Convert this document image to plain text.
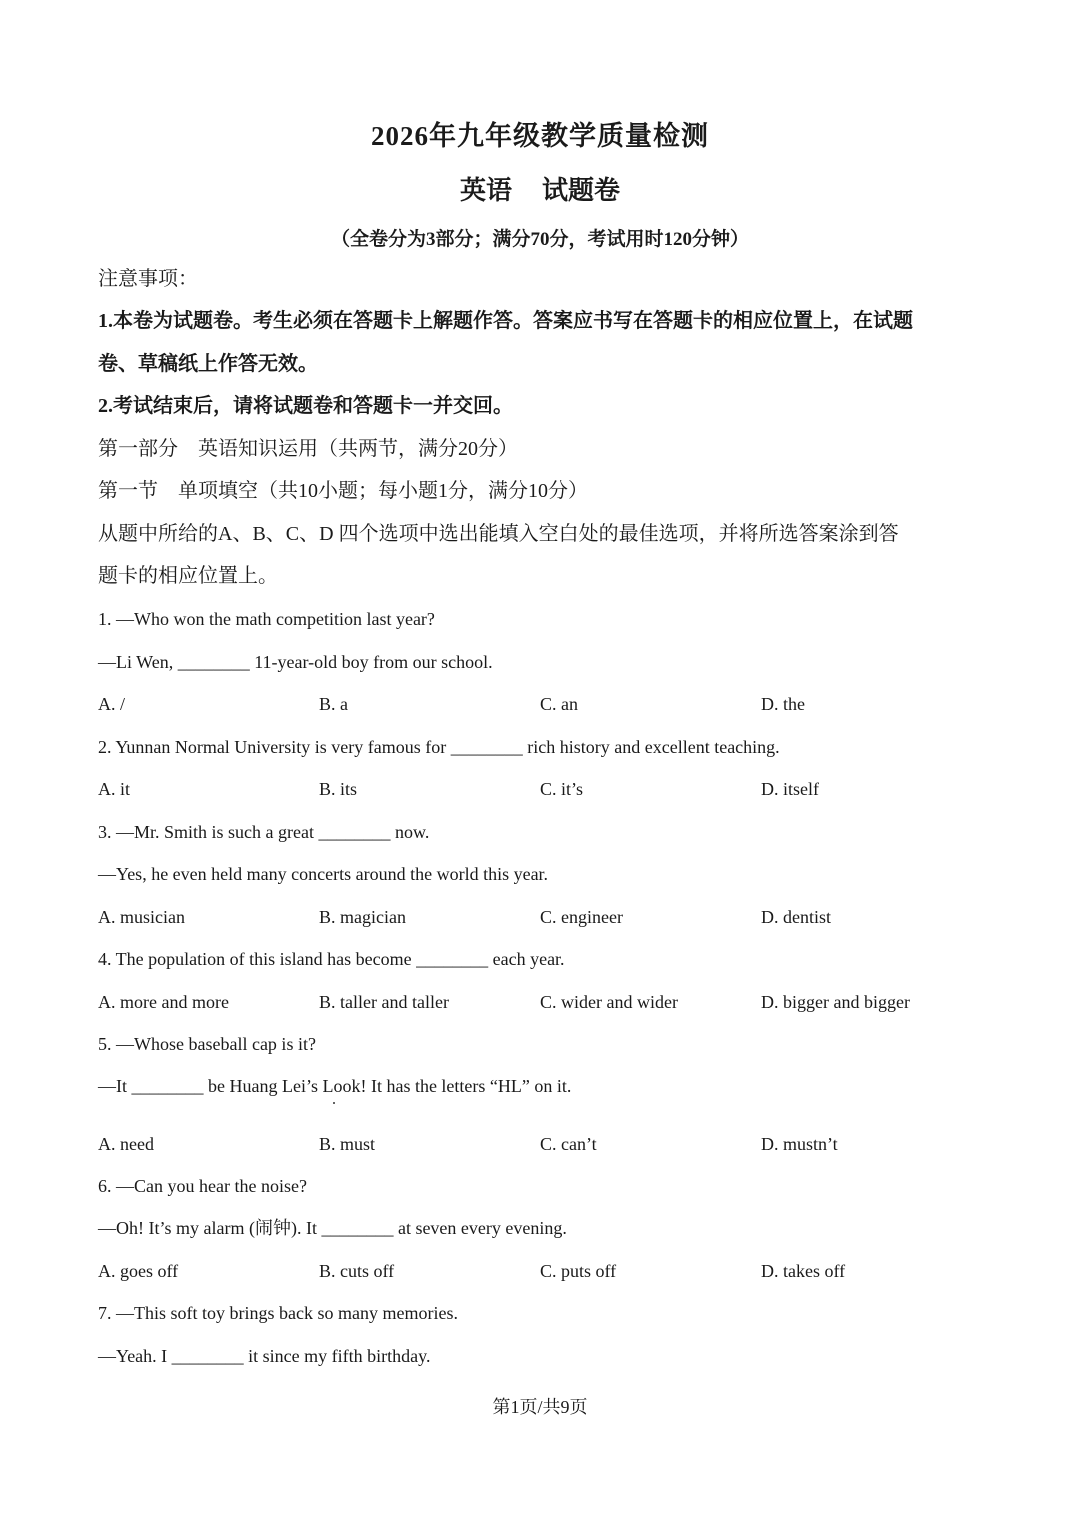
2026年九年级教学质量检测
英语 试题卷
（全卷分为3部分；满分70分，考试用时120分钟）
注意事项：
1.本卷为试题卷。考生必须在答题卡上解题作答。答案应书写在答题卡的相应位置上，在试题
卷、草稿纸上作答无效。
2.考试结束后，请将试题卷和答题卡一并交回。
第一部分　英语知识运用（共两节，满分20分）
第一节　单项填空（共10小题；每小题1分，满分10分）
从题中所给的A、B、C、D 四个选项中选出能填入空白处的最佳选项，并将所选答案涂到答
题卡的相应位置上。
1. —Who won the math competition last year?
—Li Wen, ________ 11-year-old boy from our school.
A. /	B. a	C. an	D. the
2. Yunnan Normal University is very famous for ________ rich history and excellent teaching.
A. it	B. its	C. it’s	D. itself
3. —Mr. Smith is such a great ________ now.
—Yes, he even held many concerts around the world this year.
A. musician	B. magician	C. engineer	D. dentist
4. The population of this island has become ________ each year.
A. more and more	B. taller and taller	C. wider and wider	D. bigger and bigger
5. —Whose baseball cap is it?
—It ________ be Huang Lei’s Look! It has the letters “HL” on it.
A. need	B. must	C. can’t	D. mustn’t
6. —Can you hear the noise?
—Oh! It’s my alarm (闹钟). It ________ at seven every evening.
A. goes off	B. cuts off	C. puts off	D. takes off
7. —This soft toy brings back so many memories.
—Yeah. I ________ it since my fifth birthday.
第1页/共9页
